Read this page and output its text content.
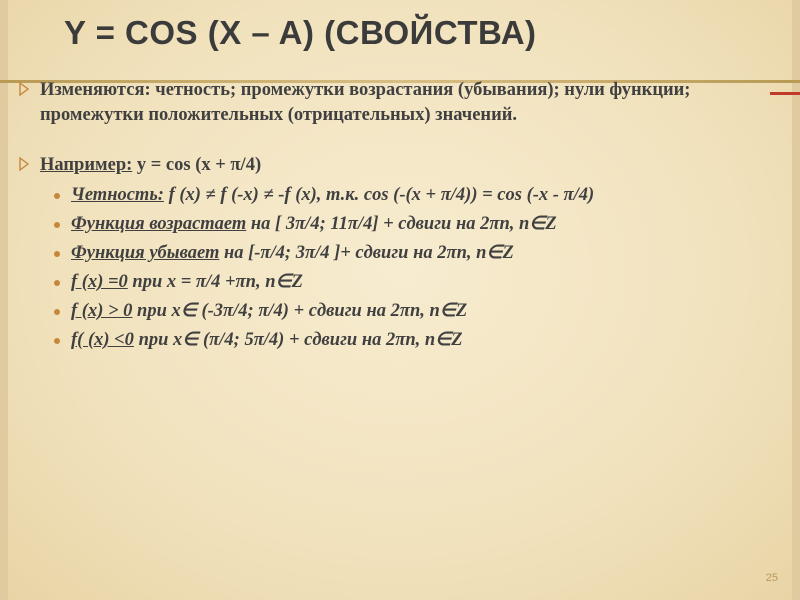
Y = COS (X – A) (СВОЙСТВА)
Изменяются: четность; промежутки возрастания (убывания); нули функции; промежутки положительных (отрицательных) значений.
Например: у = cos (х + π/4)
Четность: f (x) ≠ f (-x) ≠ -f (x), т.к. cos (-(x + π/4)) = cos (-x - π/4)
Функция возрастает на [ 3π/4; 11π/4] + сдвиги на 2πn, n∈Z
Функция убывает на [-π/4; 3π/4 ]+ сдвиги на 2πn, n∈Z
f (x) =0 при х = π/4 +πn, n∈Z
f (x) > 0 при х∈ (-3π/4; π/4) + сдвиги на 2πn, n∈Z
f( (x) <0 при х∈ (π/4; 5π/4) + сдвиги на 2πn, n∈Z
25
